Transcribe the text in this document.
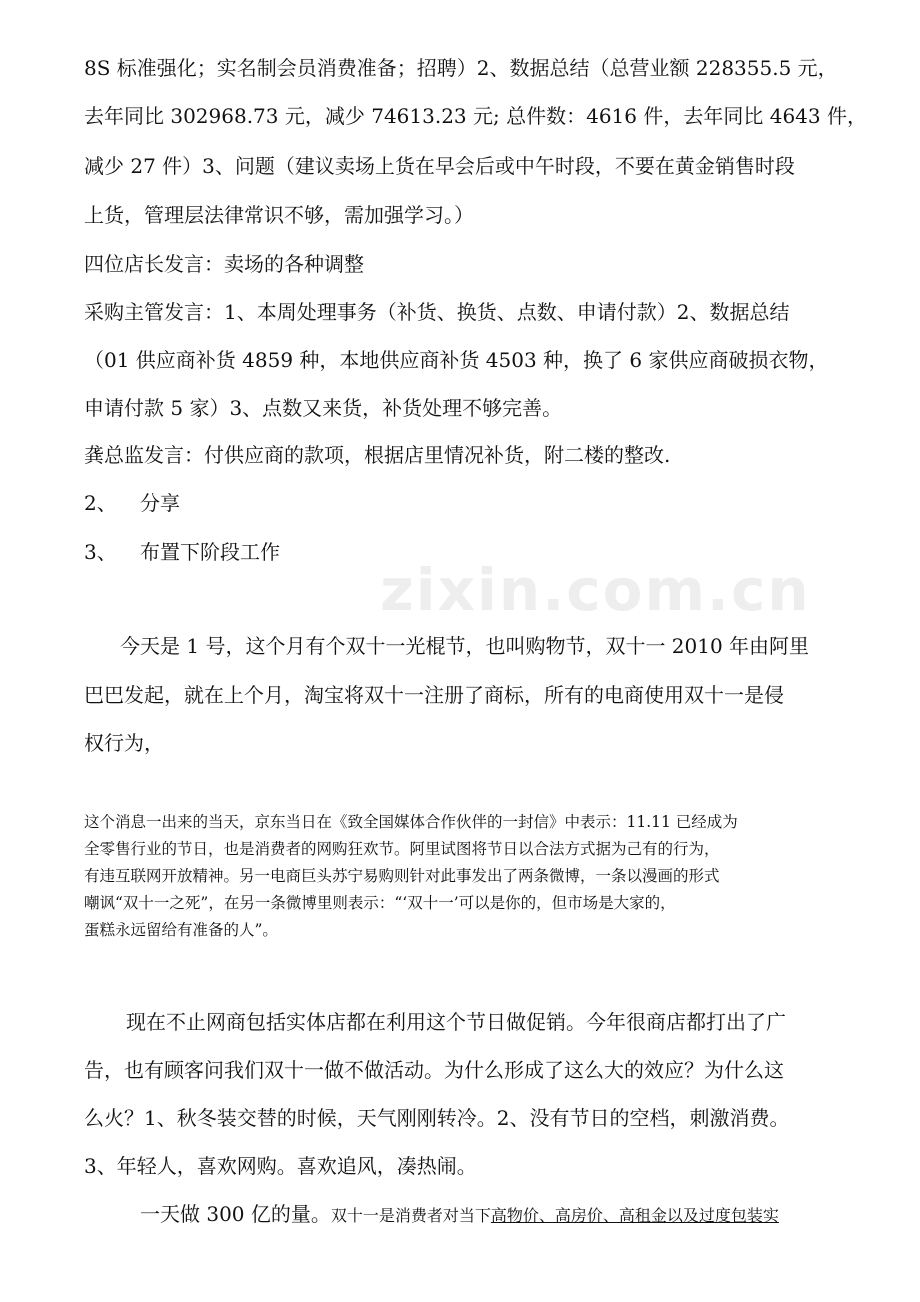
zixin.com.cn
8S 标准强化；实名制会员消费准备；招聘）2、数据总结（总营业额 228355.5 元，
去年同比 302968.73 元，减少 74613.23 元; 总件数：4616 件，去年同比 4643 件，
减少 27 件）3、问题（建议卖场上货在早会后或中午时段，不要在黄金销售时段
上货，管理层法律常识不够，需加强学习。）
四位店长发言：卖场的各种调整
采购主管发言：1、本周处理事务（补货、换货、点数、申请付款）2、数据总结
（01 供应商补货 4859 种，本地供应商补货 4503 种，换了 6 家供应商破损衣物，
申请付款 5 家）3、点数又来货，补货处理不够完善。
龚总监发言：付供应商的款项，根据店里情况补货，附二楼的整改.
2、 分享
3、 布置下阶段工作
今天是 1 号，这个月有个双十一光棍节，也叫购物节，双十一 2010 年由阿里
巴巴发起，就在上个月，淘宝将双十一注册了商标，所有的电商使用双十一是侵
权行为，
这个消息一出来的当天，京东当日在《致全国媒体合作伙伴的一封信》中表示：11.11 已经成为
全零售行业的节日，也是消费者的网购狂欢节。阿里试图将节日以合法方式据为己有的行为，
有违互联网开放精神。另一电商巨头苏宁易购则针对此事发出了两条微博，一条以漫画的形式
嘲讽“双十一之死”，在另一条微博里则表示：“‘双十一’可以是你的，但市场是大家的，
蛋糕永远留给有准备的人”。
现在不止网商包括实体店都在利用这个节日做促销。今年很商店都打出了广
告，也有顾客问我们双十一做不做活动。为什么形成了这么大的效应？为什么这
么火？1、秋冬装交替的时候，天气刚刚转冷。2、没有节日的空档，刺激消费。
3、年轻人，喜欢网购。喜欢追风，凑热闹。
一天做 300 亿的量。双十一是消费者对当下高物价、高房价、高租金以及过度包装实
